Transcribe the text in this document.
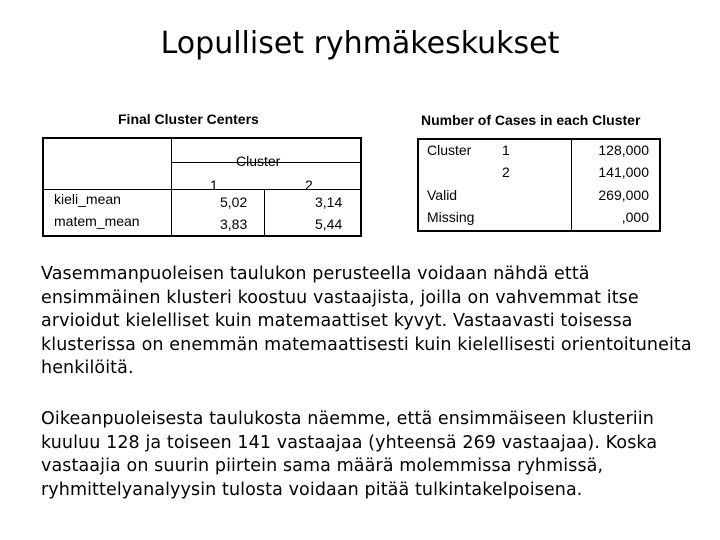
Lopulliset ryhmäkeskukset
Final Cluster Centers
Cluster
1	2
kieli_mean	5,02	3,14
matem_mean	3,83	5,44
Number of Cases in each Cluster
Cluster 1	128,000
2	141,000
Valid	269,000
Missing	,000

Vasemmanpuoleisen taulukon perusteella voidaan nähdä että ensimmäinen klusteri koostuu vastaajista, joilla on vahvemmat itse arvioidut kielelliset kuin matemaattiset kyvyt. Vastaavasti toisessa klusterissa on enemmän matemaattisesti kuin kielellisesti orientoituneita henkilöitä.

Oikeanpuoleisesta taulukosta näemme, että ensimmäiseen klusteriin kuuluu 128 ja toiseen 141 vastaajaa (yhteensä 269 vastaajaa). Koska vastaajia on suurin piirtein sama määrä molemmissa ryhmissä, ryhmittelyanalyysin tulosta voidaan pitää tulkintakelpoisena.
